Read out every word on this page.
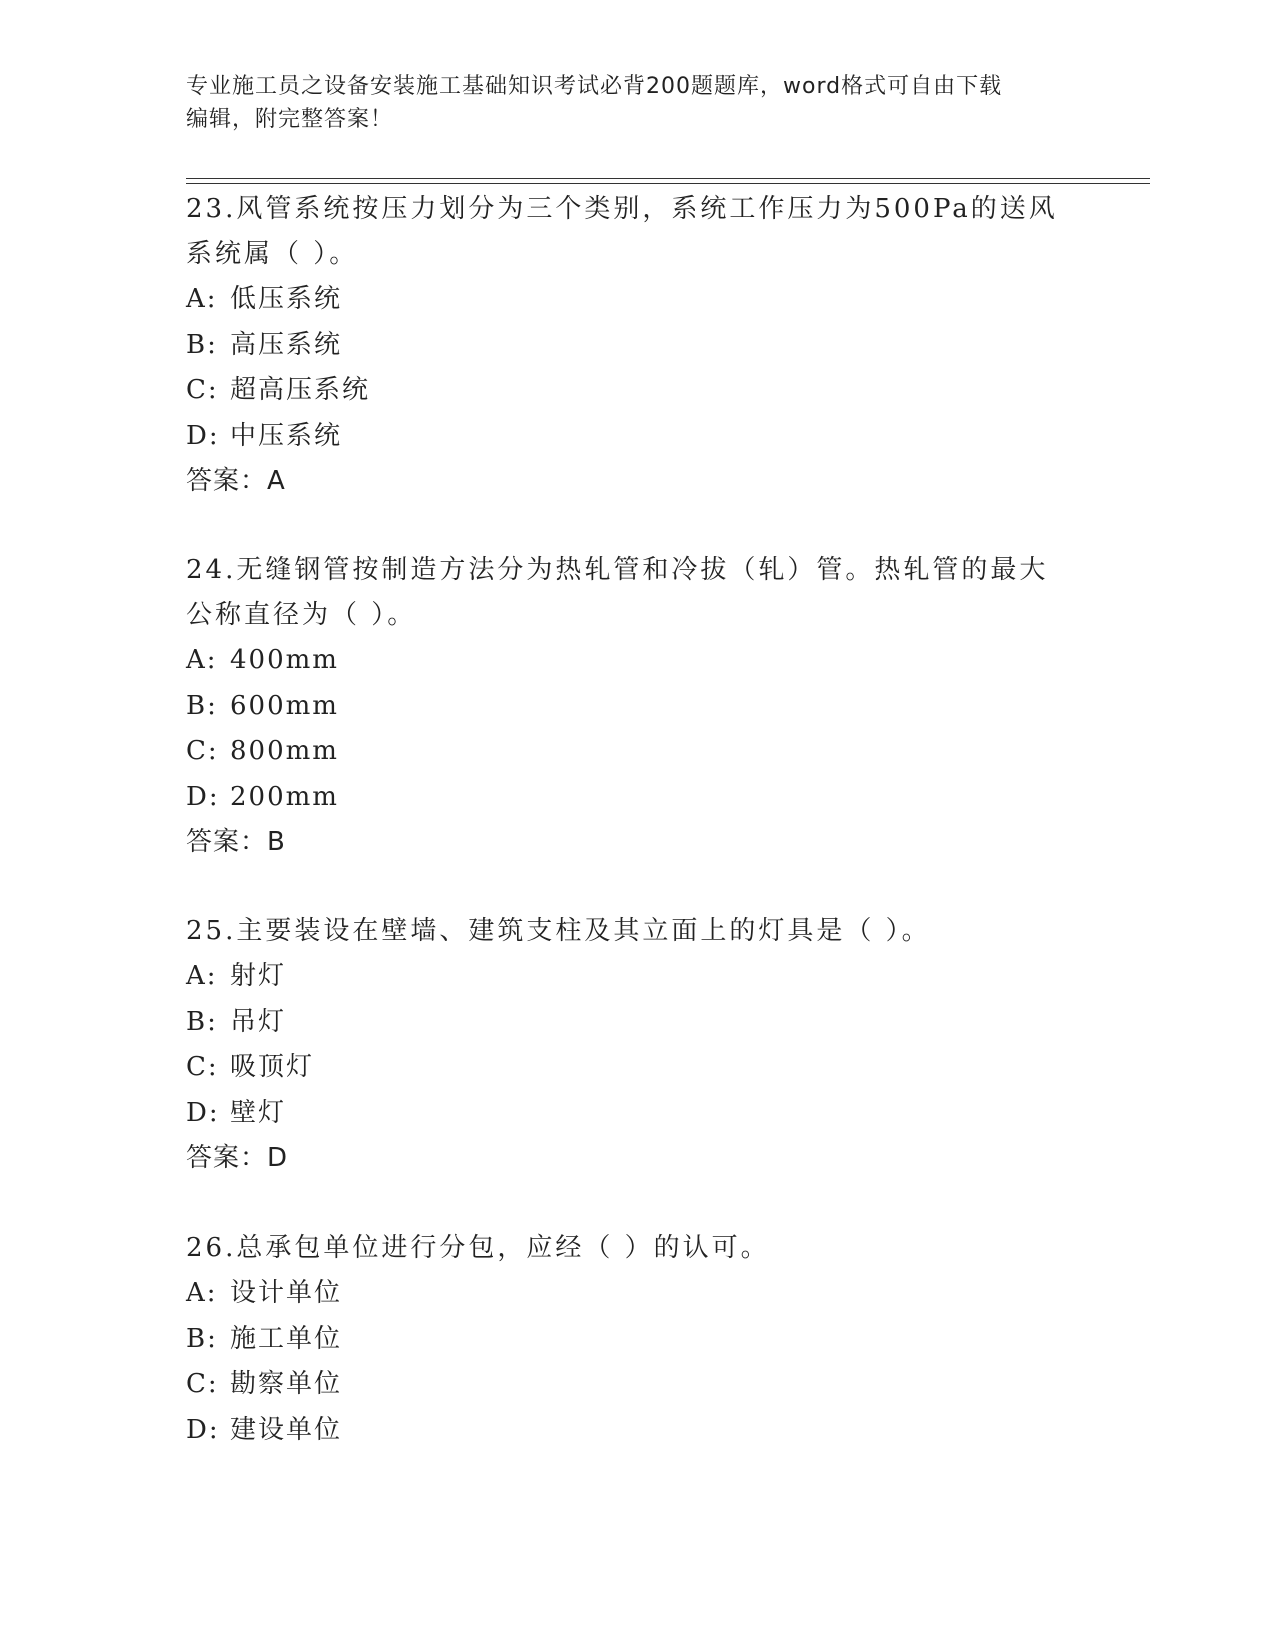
专业施工员之设备安装施工基础知识考试必背200题题库，word格式可自由下载
编辑，附完整答案！
23.风管系统按压力划分为三个类别，系统工作压力为500Pa的送风系统属（ ）。
A: 低压系统
B: 高压系统
C: 超高压系统
D: 中压系统
答案：A
24.无缝钢管按制造方法分为热轧管和冷拔（轧）管。热轧管的最大公称直径为（ ）。
A: 400mm
B: 600mm
C: 800mm
D: 200mm
答案：B
25.主要装设在壁墙、建筑支柱及其立面上的灯具是（ ）。
A: 射灯
B: 吊灯
C: 吸顶灯
D: 壁灯
答案：D
26.总承包单位进行分包，应经（ ）的认可。
A: 设计单位
B: 施工单位
C: 勘察单位
D: 建设单位
